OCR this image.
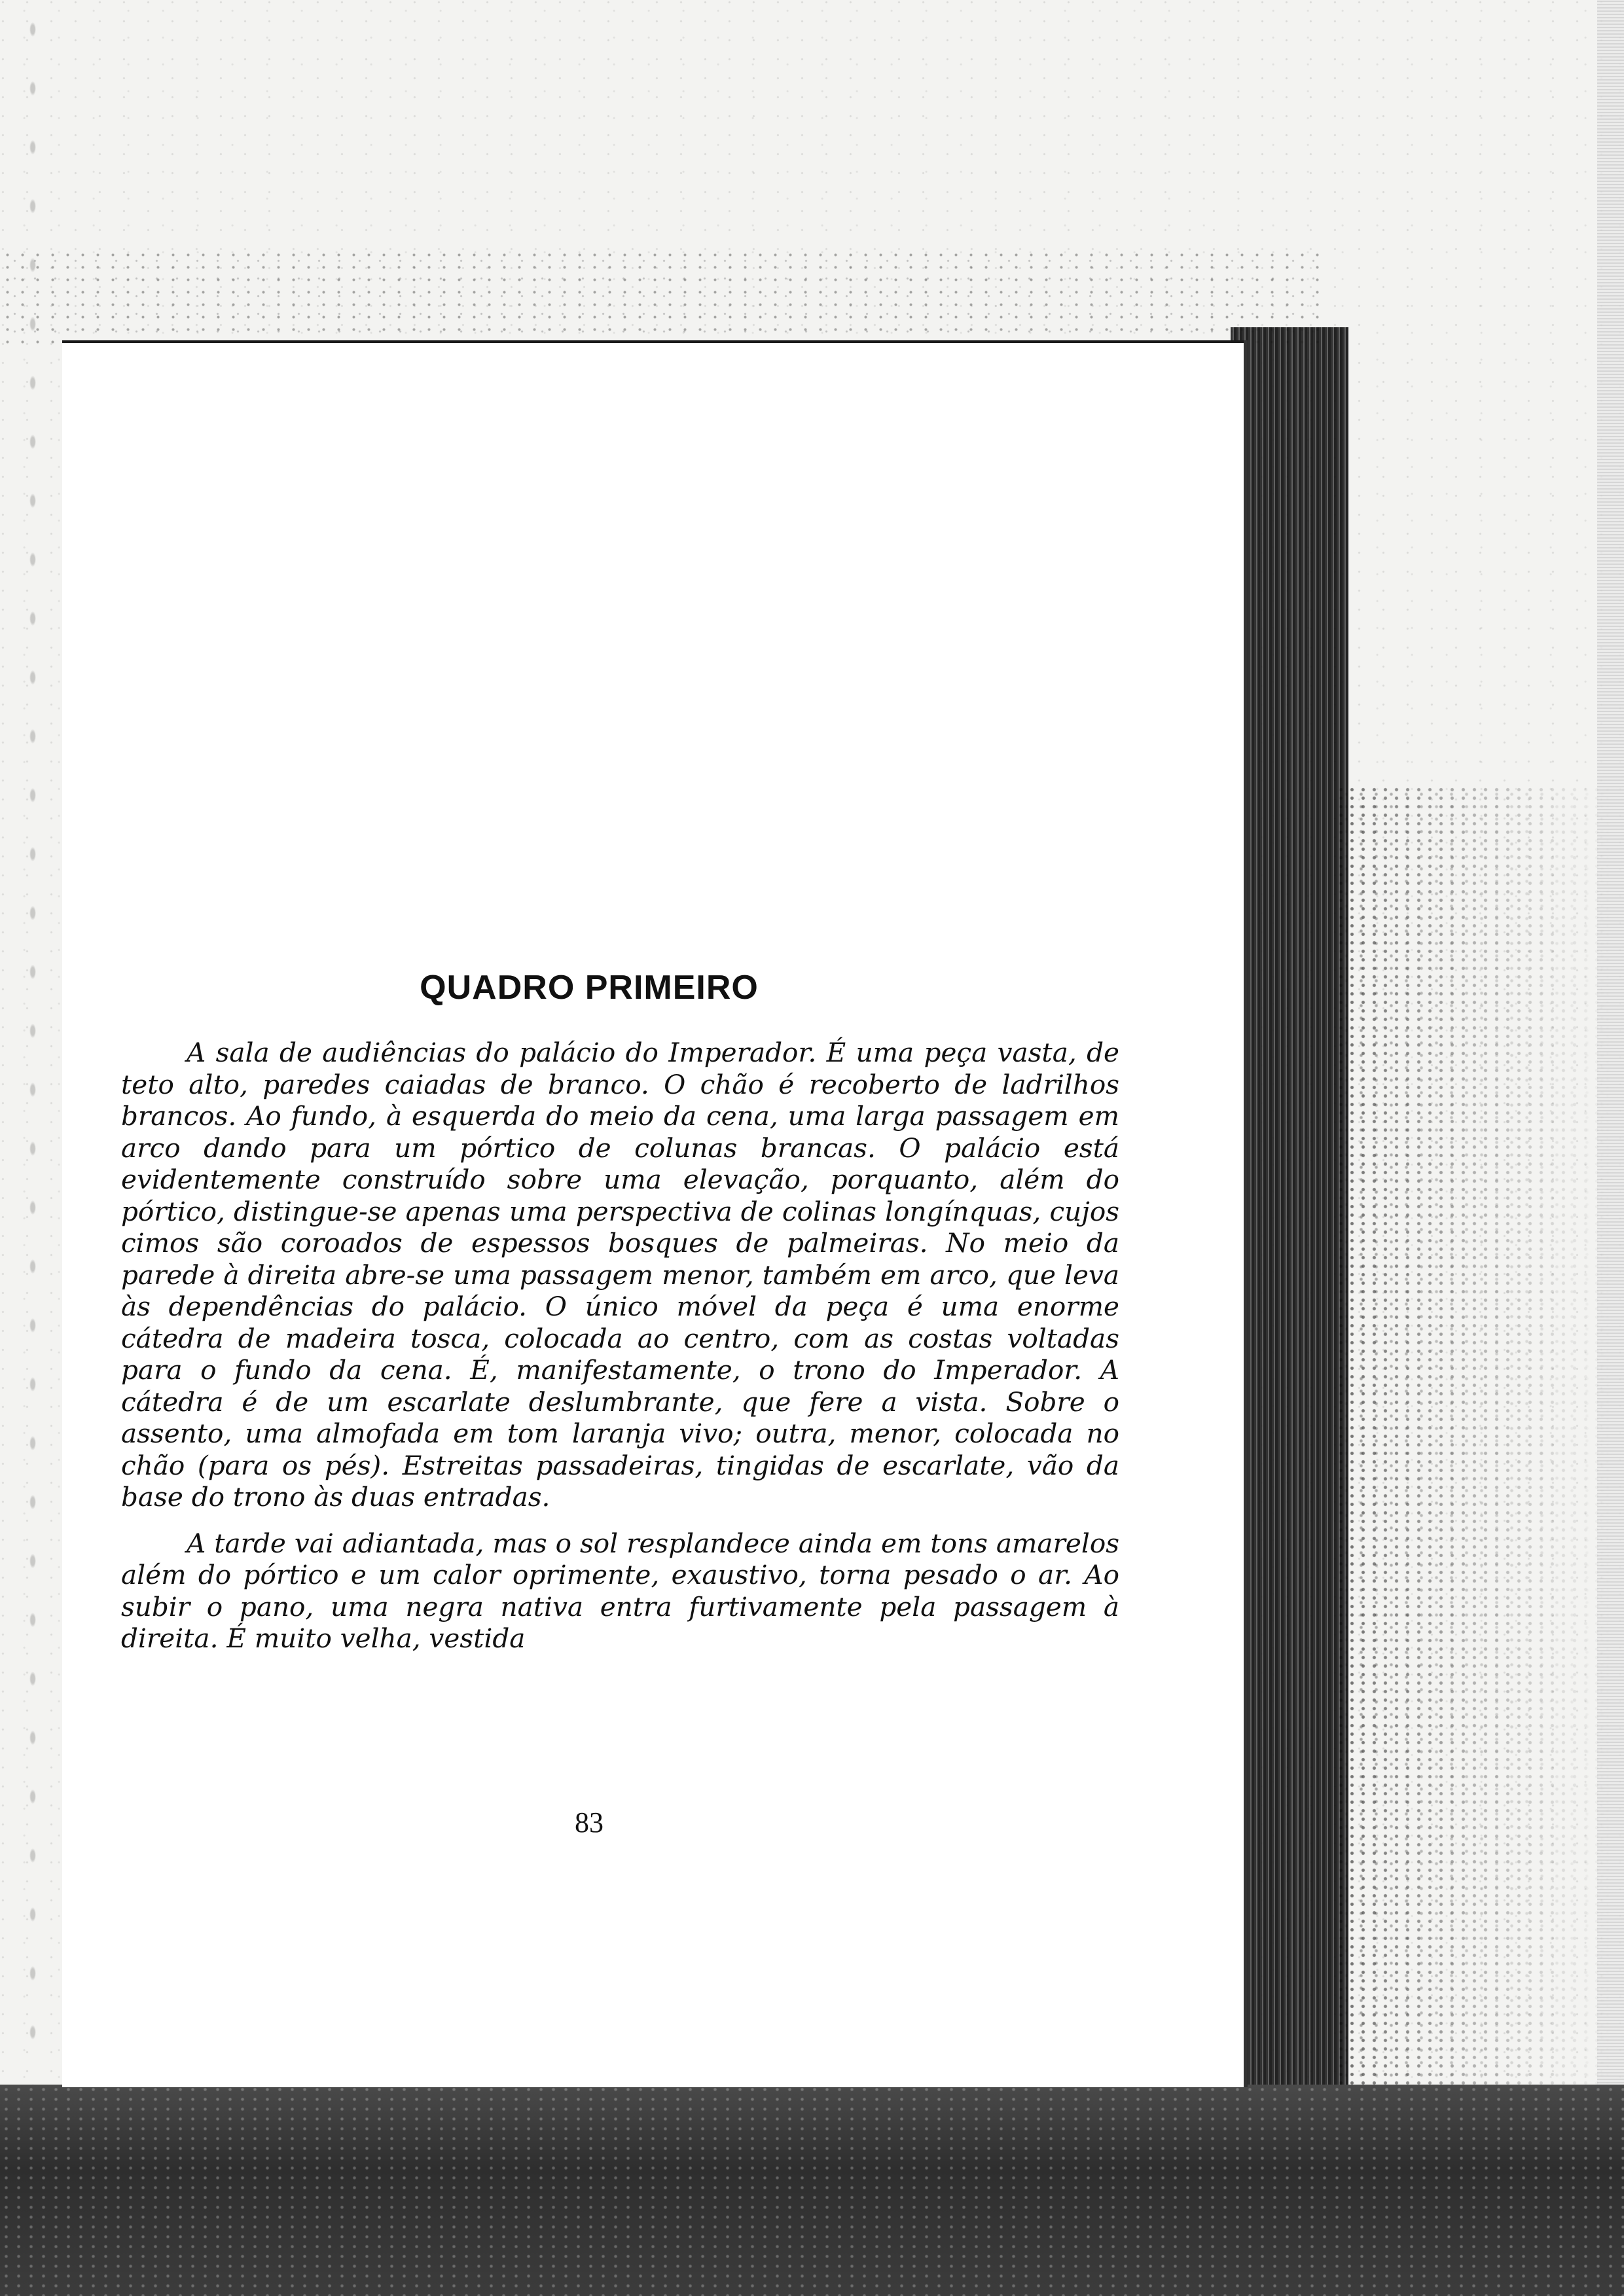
QUADRO PRIMEIRO

A sala de audiências do palácio do Imperador. É uma peça vasta, de teto alto, paredes caiadas de branco. O chão é recoberto de ladrilhos brancos. Ao fundo, à esquerda do meio da cena, uma larga passagem em arco dando para um pórtico de colunas brancas. O palácio está evidentemente construído sobre uma elevação, porquanto, além do pórtico, distingue-se apenas uma perspectiva de colinas longínquas, cujos cimos são coroados de espessos bosques de palmeiras. No meio da parede à direita abre-se uma passagem menor, também em arco, que leva às dependências do palácio. O único móvel da peça é uma enorme cátedra de madeira tosca, colocada ao centro, com as costas voltadas para o fundo da cena. É, manifestamente, o trono do Imperador. A cátedra é de um escarlate deslumbrante, que fere a vista. Sobre o assento, uma almofada em tom laranja vivo; outra, menor, colocada no chão (para os pés). Estreitas passadeiras, tingidas de escarlate, vão da base do trono às duas entradas.

A tarde vai adiantada, mas o sol resplandece ainda em tons amarelos além do pórtico e um calor oprimente, exaustivo, torna pesado o ar. Ao subir o pano, uma negra nativa entra furtivamente pela passagem à direita. É muito velha, vestida

83
